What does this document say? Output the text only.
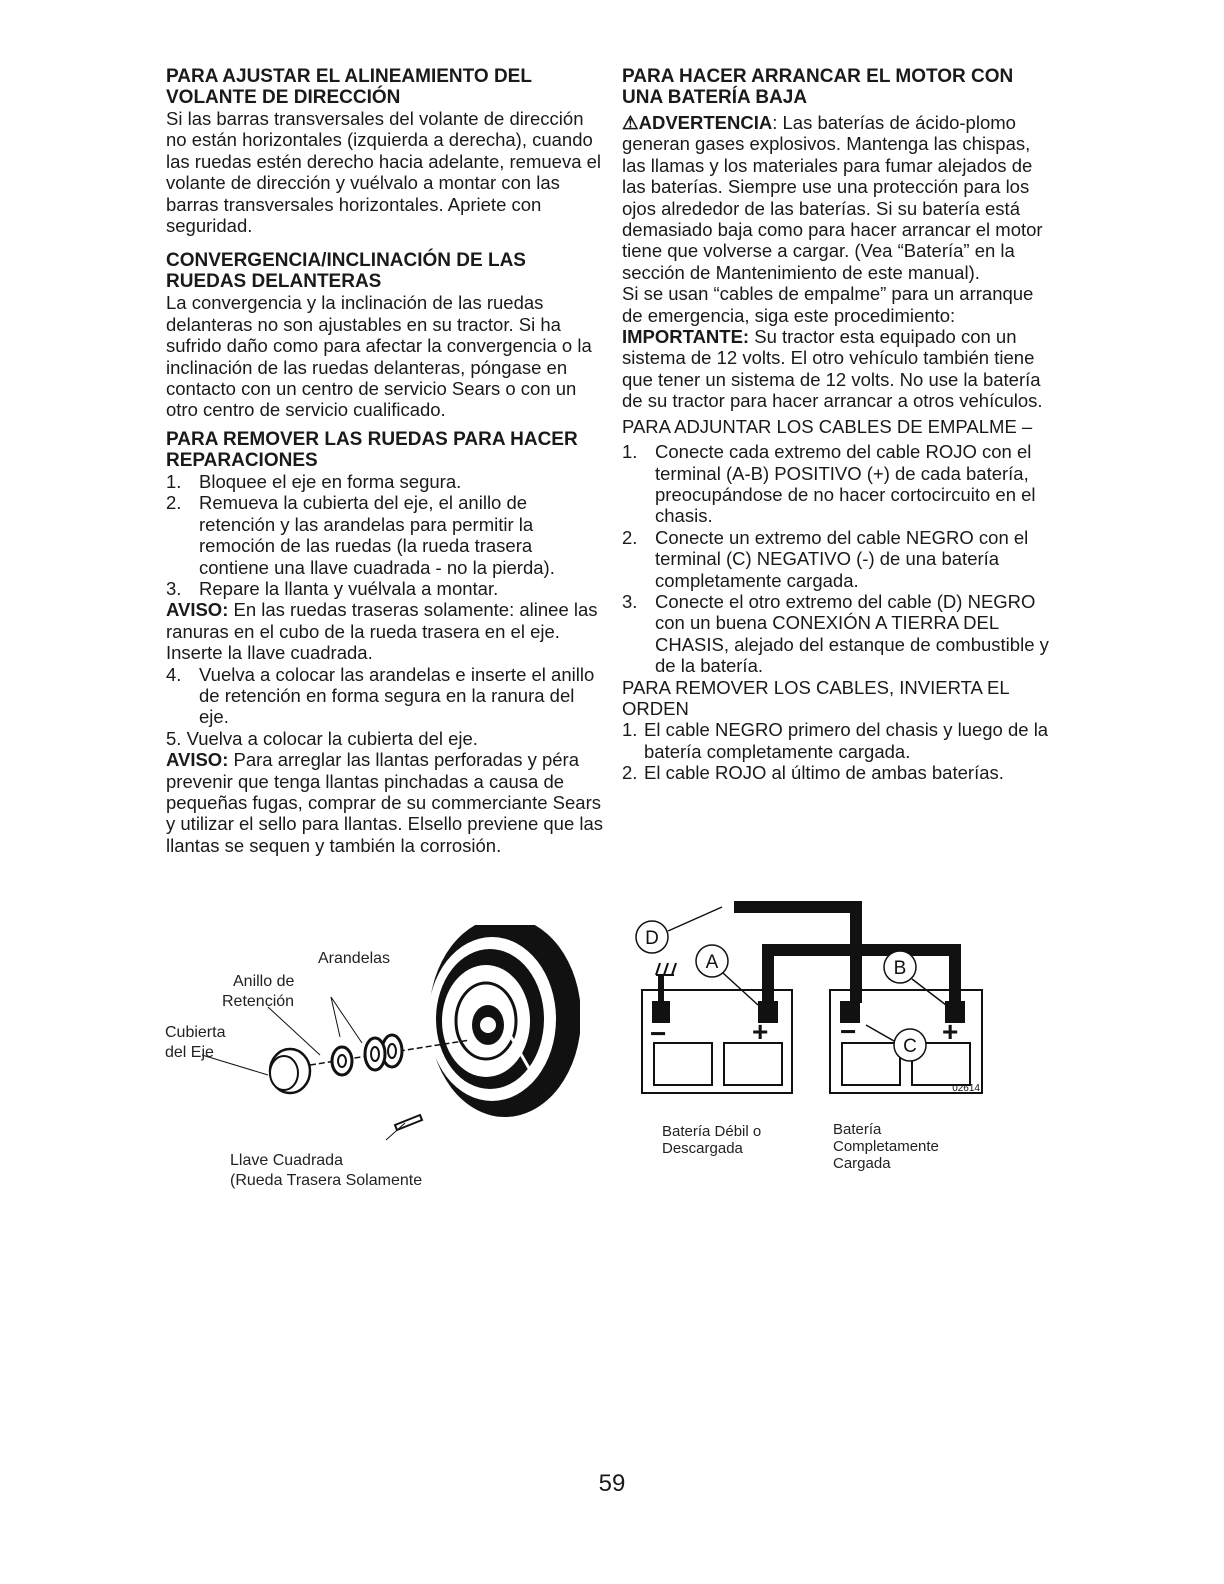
PARA AJUSTAR EL ALINEAMIENTO DEL VOLANTE DE DIRECCIÓN

Si las barras transversales del volante de dirección no están horizontales (izquierda a derecha), cuando las ruedas estén derecho hacia adelante, remueva el volante de dirección y vuélvalo a montar con las barras transversales horizontales. Apriete con seguridad.

CONVERGENCIA/INCLINACIÓN DE LAS RUEDAS DELANTERAS

La convergencia y la inclinación de las ruedas delanteras no son ajustables en su tractor. Si ha sufrido daño como para afectar la convergencia o la inclinación de las ruedas delanteras, póngase en contacto con un centro de servicio Sears o con un otro centro de servicio cualificado.

PARA REMOVER LAS RUEDAS PARA HACER REPARACIONES
1. Bloquee el eje en forma segura.
2. Remueva la cubierta del eje, el anillo de retención y las arandelas para permitir la remoción de las ruedas (la rueda trasera contiene una llave cuadrada - no la pierda).
3. Repare la llanta y vuélvala a montar.

AVISO: En las ruedas traseras solamente: alinee las ranuras en el cubo de la rueda trasera en el eje. Inserte la llave cuadrada.

4. Vuelva a colocar las arandelas e inserte el anillo de retención en forma segura en la ranura del eje.

5. Vuelva a colocar la cubierta del eje.

AVISO: Para arreglar las llantas perforadas y péra prevenir que tenga llantas pinchadas a causa de pequeñas fugas, comprar de su commerciante Sears y utilizar el sello para llantas. Elsello previene que las llantas se sequen y también la corrosión.

Arandelas
Anillo de
Retención
Cubierta
del Eje
Llave Cuadrada
(Rueda Trasera Solamente
PARA HACER ARRANCAR EL MOTOR CON UNA BATERÍA BAJA

⚠ADVERTENCIA: Las baterías de ácido-plomo generan gases explosivos. Mantenga las chispas, las llamas y los materiales para fumar alejados de las baterías. Siempre use una protección para los ojos alrededor de las baterías. Si su batería está demasiado baja como para hacer arrancar el motor tiene que volverse a cargar. (Vea “Batería” en la sección de Mantenimiento de este manual).

Si se usan “cables de empalme” para un arranque de emergencia, siga este procedimiento:

IMPORTANTE: Su tractor esta equipado con un sistema de 12 volts. El otro vehículo también tiene que tener un sistema de 12 volts. No use la batería de su tractor para hacer arrancar a otros vehículos.

PARA ADJUNTAR LOS CABLES DE EMPALME –

1. Conecte cada extremo del cable ROJO con el terminal (A-B) POSITIVO (+) de cada batería, preocupándose de no hacer cortocircuito en el chasis.
2. Conecte un extremo del cable NEGRO con el terminal (C) NEGATIVO (-) de una batería completamente cargada.
3. Conecte el otro extremo del cable (D) NEGRO con un buena CONEXIÓN A TIERRA DEL CHASIS, alejado del estanque de combustible y de la batería.

PARA REMOVER LOS CABLES, INVIERTA EL ORDEN

1. El cable NEGRO primero del chasis y luego de la batería completamente cargada.
2. El cable ROJO al último de ambas baterías.
D
A	B
C
−	+	−	+
02614
Batería Débil o
Descargada
Batería
Completamente
Cargada
59
